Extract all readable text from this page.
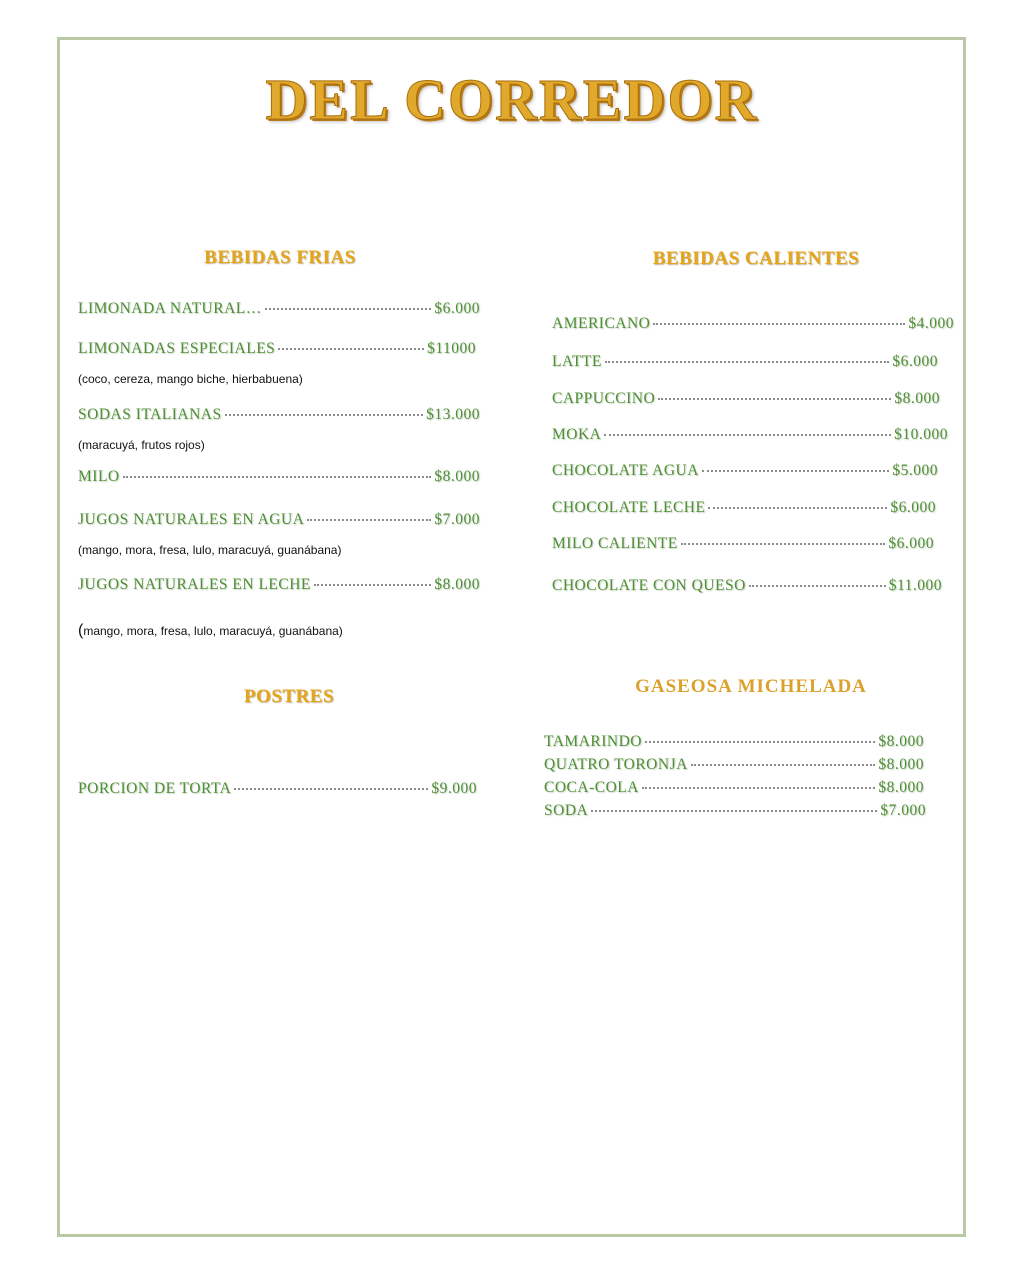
DEL CORREDOR
BEBIDAS FRIAS
LIMONADA NATURAL…	$6.000
LIMONADAS ESPECIALES	$11000
(coco, cereza, mango biche, hierbabuena)
SODAS ITALIANAS	$13.000
(maracuyá, frutos rojos)
MILO	$8.000
JUGOS NATURALES EN AGUA	$7.000
(mango, mora, fresa, lulo, maracuyá, guanábana)
JUGOS NATURALES EN LECHE	$8.000
(mango, mora, fresa, lulo, maracuyá, guanábana)
POSTRES
PORCION DE TORTA	$9.000
BEBIDAS CALIENTES
AMERICANO	$4.000
LATTE	$6.000
CAPPUCCINO	$8.000
MOKA	$10.000
CHOCOLATE AGUA	$5.000
CHOCOLATE LECHE	$6.000
MILO CALIENTE	$6.000
CHOCOLATE CON QUESO	$11.000
GASEOSA MICHELADA
TAMARINDO	$8.000
QUATRO TORONJA	$8.000
COCA-COLA	$8.000
SODA	$7.000
